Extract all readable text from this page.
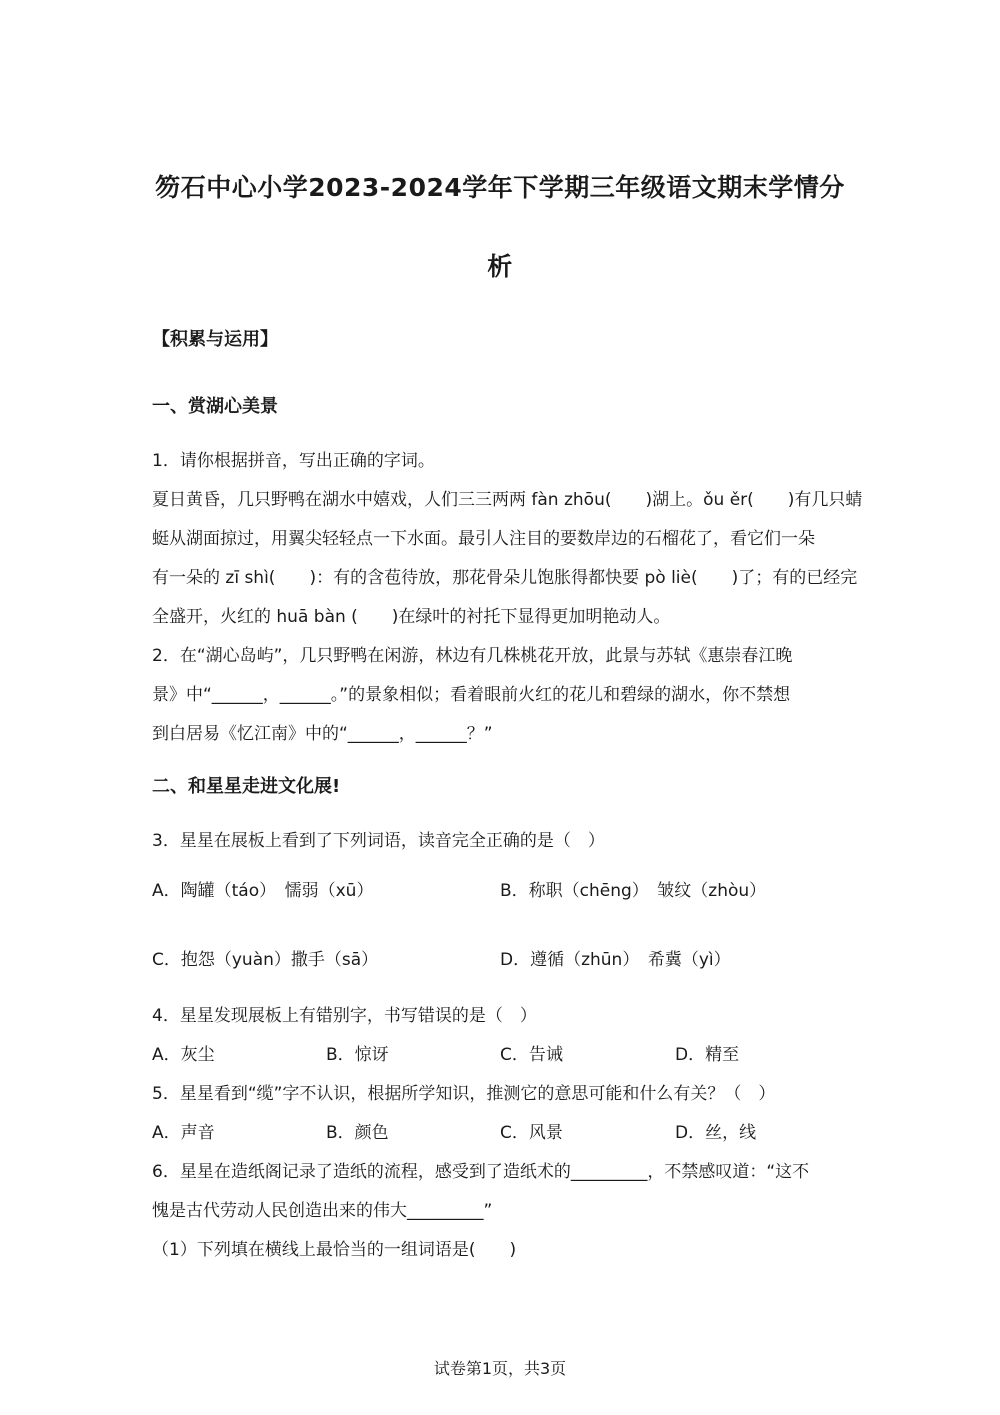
笏石中心小学2023-2024学年下学期三年级语文期末学情分
析
【积累与运用】
一、赏湖心美景
1．请你根据拼音，写出正确的字词。
夏日黄昏，几只野鸭在湖水中嬉戏，人们三三两两 fàn zhōu(　　)湖上。ǒu ěr(　　)有几只蜻
蜓从湖面掠过，用翼尖轻轻点一下水面。最引人注目的要数岸边的石榴花了，看它们一朵
有一朵的 zī shì(　　)：有的含苞待放，那花骨朵儿饱胀得都快要 pò liè(　　)了；有的已经完
全盛开，火红的 huā bàn (　　)在绿叶的衬托下显得更加明艳动人。
2．在“湖心岛屿”，几只野鸭在闲游，林边有几株桃花开放，此景与苏轼《惠崇春江晚
景》中“______，______。”的景象相似；看着眼前火红的花儿和碧绿的湖水，你不禁想
到白居易《忆江南》中的“______，______？”
二、和星星走进文化展!
3．星星在展板上看到了下列词语，读音完全正确的是（　）
A．陶罐（táo）　懦弱（xū）	B．称职（chēng）　皱纹（zhòu）
C．抱怨（yuàn）撒手（sā）	D．遵循（zhūn）　希冀（yì）
4．星星发现展板上有错别字，书写错误的是（　）
A．灰尘	B．惊讶	C．告诫	D．精至
5．星星看到“缆”字不认识，根据所学知识，推测它的意思可能和什么有关？（　）
A．声音	B．颜色	C．风景	D．丝，线
6．星星在造纸阁记录了造纸的流程，感受到了造纸术的_________，不禁感叹道：“这不
愧是古代劳动人民创造出来的伟大_________”
（1）下列填在横线上最恰当的一组词语是(　　)
试卷第1页，共3页
